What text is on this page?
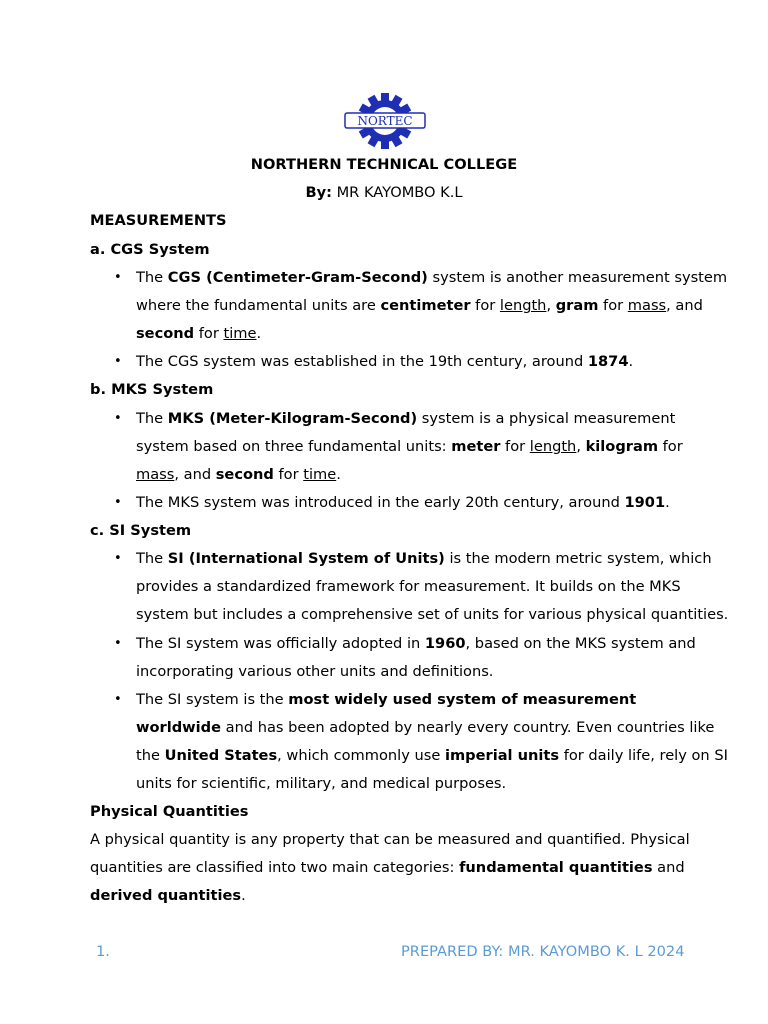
NORTEC
NORTHERN TECHNICAL COLLEGE
By: MR KAYOMBO K.L
MEASUREMENTS
a. CGS System
• The CGS (Centimeter-Gram-Second) system is another measurement system
where the fundamental units are centimeter for length, gram for mass, and
second for time.
• The CGS system was established in the 19th century, around 1874.
b. MKS System
• The MKS (Meter-Kilogram-Second) system is a physical measurement
system based on three fundamental units: meter for length, kilogram for
mass, and second for time.
• The MKS system was introduced in the early 20th century, around 1901.
c. SI System
• The SI (International System of Units) is the modern metric system, which
provides a standardized framework for measurement. It builds on the MKS
system but includes a comprehensive set of units for various physical quantities.
• The SI system was officially adopted in 1960, based on the MKS system and
incorporating various other units and definitions.
• The SI system is the most widely used system of measurement
worldwide and has been adopted by nearly every country. Even countries like
the United States, which commonly use imperial units for daily life, rely on SI
units for scientific, military, and medical purposes.
Physical Quantities
A physical quantity is any property that can be measured and quantified. Physical
quantities are classified into two main categories: fundamental quantities and
derived quantities.
1.	PREPARED BY: MR. KAYOMBO K. L 2024
